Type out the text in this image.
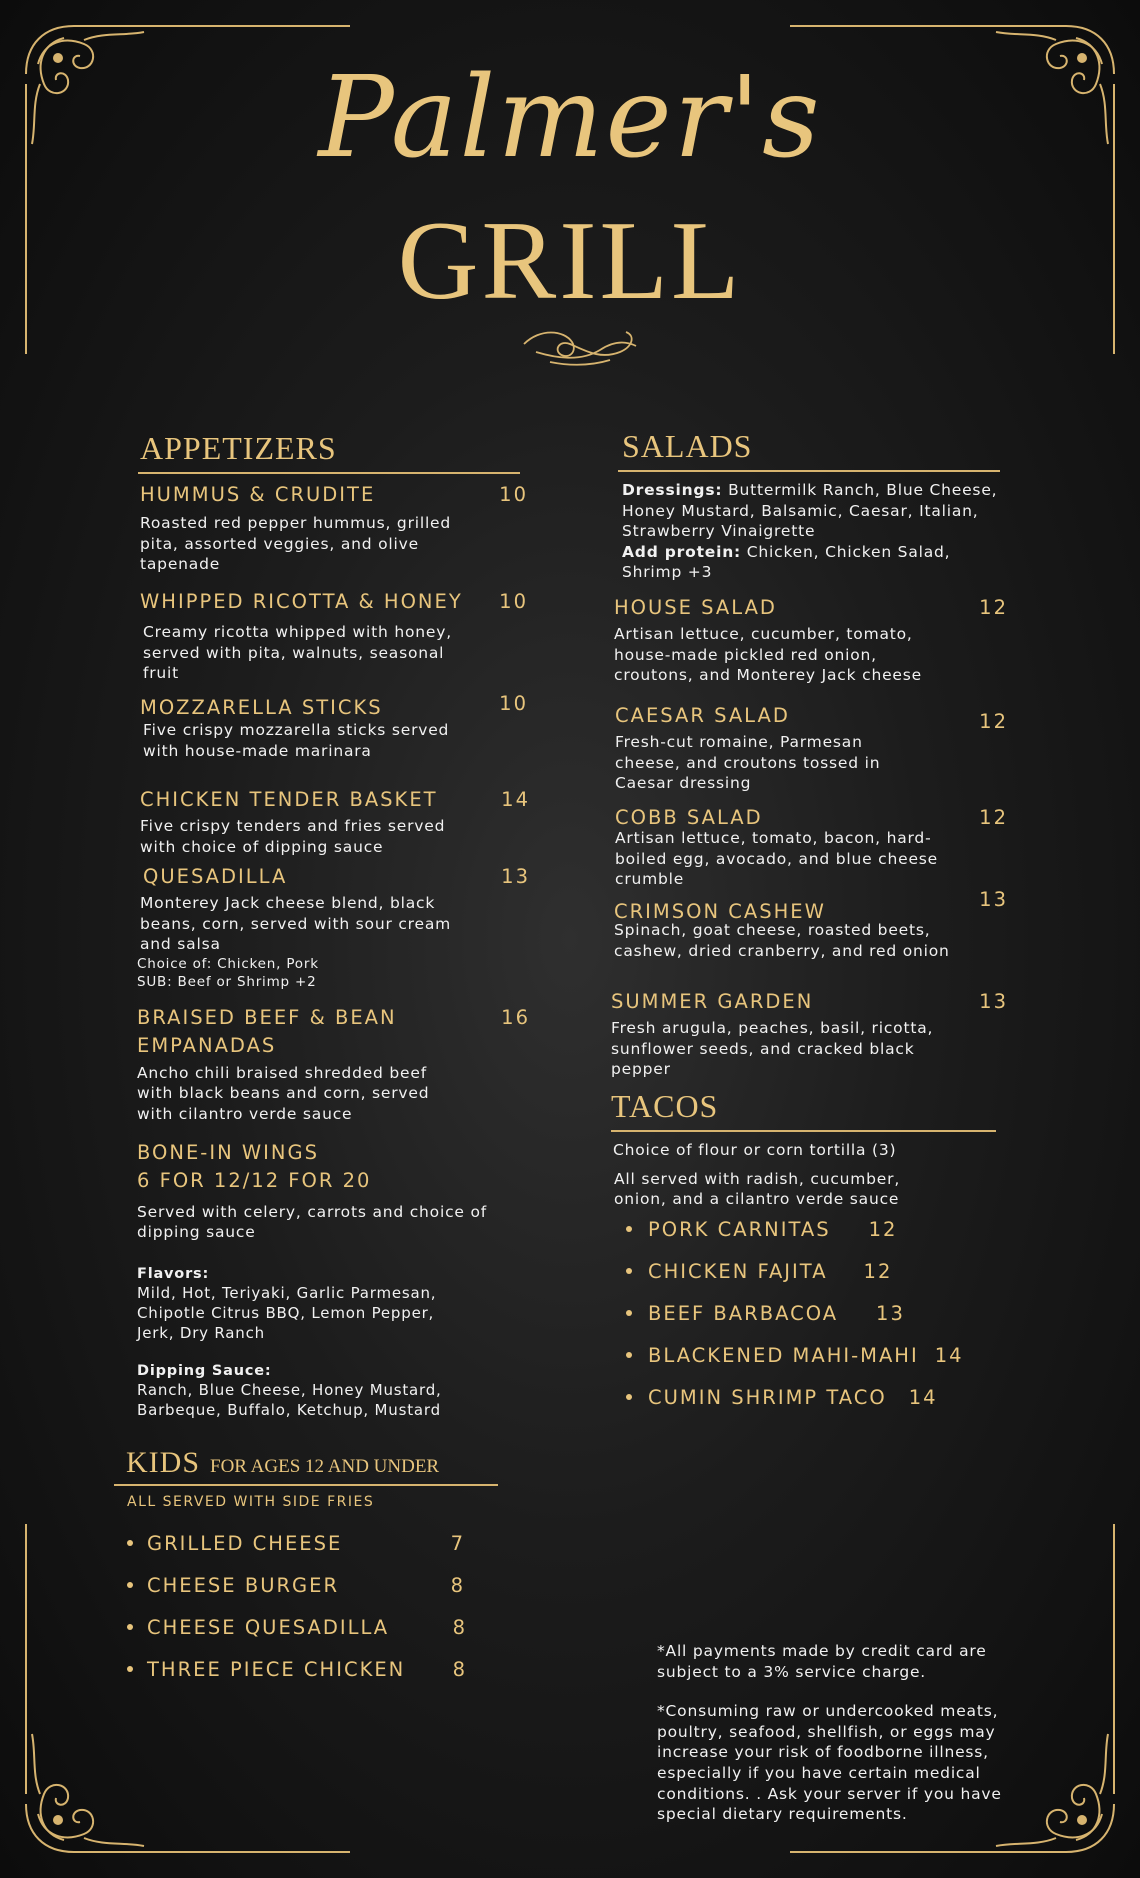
Palmer's
GRILL
APPETIZERS
HUMMUS & CRUDITE	10
Roasted red pepper hummus, grilled pita, assorted veggies, and olive tapenade
WHIPPED RICOTTA & HONEY 10
Creamy ricotta whipped with honey, served with pita, walnuts, seasonal fruit
MOZZARELLA STICKS	10
Five crispy mozzarella sticks served with house-made marinara
CHICKEN TENDER BASKET	14
Five crispy tenders and fries served with choice of dipping sauce
QUESADILLA	13
Monterey Jack cheese blend, black beans, corn, served with sour cream and salsa
Choice of: Chicken, Pork
SUB: Beef or Shrimp +2
BRAISED BEEF & BEAN	16
EMPANADAS
Ancho chili braised shredded beef with black beans and corn, served with cilantro verde sauce
BONE-IN WINGS
6 FOR 12/12 FOR 20
Served with celery, carrots and choice of dipping sauce
Flavors:
Mild, Hot, Teriyaki, Garlic Parmesan, Chipotle Citrus BBQ, Lemon Pepper, Jerk, Dry Ranch
Dipping Sauce:
Ranch, Blue Cheese, Honey Mustard, Barbeque, Buffalo, Ketchup, Mustard
SALADS
Dressings: Buttermilk Ranch, Blue Cheese, Honey Mustard, Balsamic, Caesar, Italian, Strawberry Vinaigrette
Add protein: Chicken, Chicken Salad, Shrimp +3
HOUSE SALAD	12
Artisan lettuce, cucumber, tomato, house-made pickled red onion, croutons, and Monterey Jack cheese
CAESAR SALAD	12
Fresh-cut romaine, Parmesan cheese, and croutons tossed in Caesar dressing
COBB SALAD	12
Artisan lettuce, tomato, bacon, hard-boiled egg, avocado, and blue cheese crumble
CRIMSON CASHEW
13
Spinach, goat cheese, roasted beets, cashew, dried cranberry, and red onion
SUMMER GARDEN	13
Fresh arugula, peaches, basil, ricotta, sunflower seeds, and cracked black pepper
TACOS
Choice of flour or corn tortilla (3)
All served with radish, cucumber, onion, and a cilantro verde sauce
PORK CARNITAS 12
CHICKEN FAJITA 12
BEEF BARBACOA 13
BLACKENED MAHI-MAHI 14
CUMIN SHRIMP TACO 14
KIDS FOR AGES 12 AND UNDER
ALL SERVED WITH SIDE FRIES
GRILLED CHEESE	7
CHEESE BURGER	8
CHEESE QUESADILLA	8
THREE PIECE CHICKEN 8
*All payments made by credit card are subject to a 3% service charge.
*Consuming raw or undercooked meats, poultry, seafood, shellfish, or eggs may increase your risk of foodborne illness, especially if you have certain medical conditions. . Ask your server if you have special dietary requirements.
